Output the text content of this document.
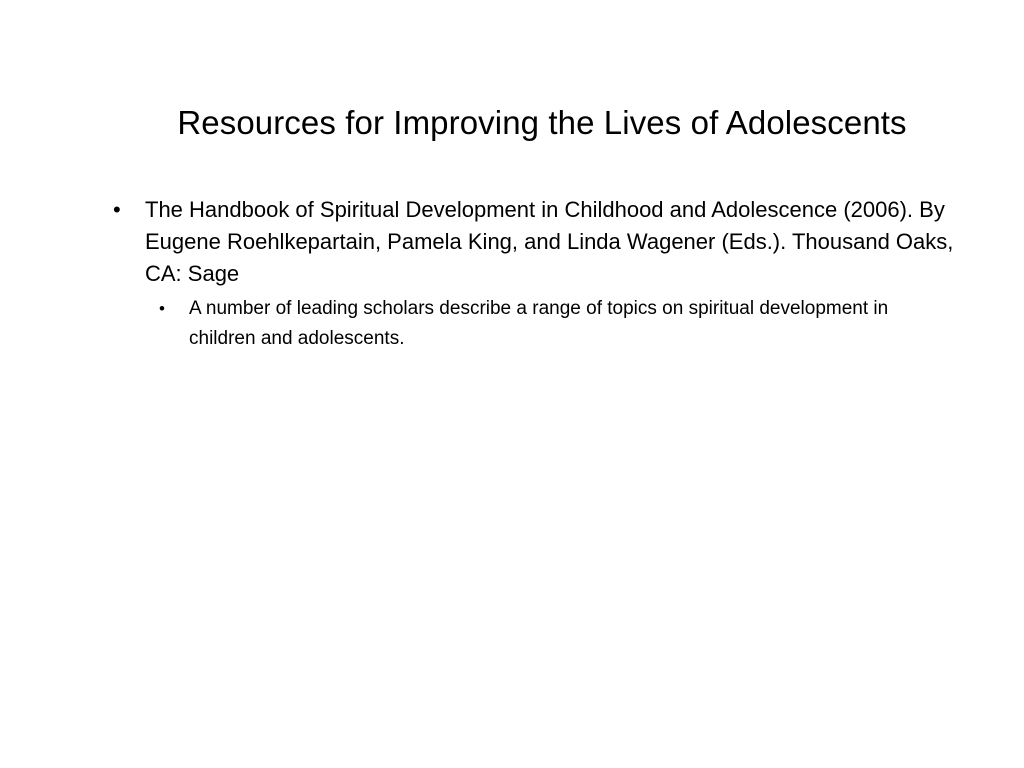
Resources for Improving the Lives of Adolescents
•	The Handbook of Spiritual Development in Childhood and Adolescence (2006). By Eugene Roehlkepartain, Pamela King, and Linda Wagener (Eds.). Thousand Oaks, CA: Sage
•	A number of leading scholars describe a range of topics on spiritual development in children and adolescents.
